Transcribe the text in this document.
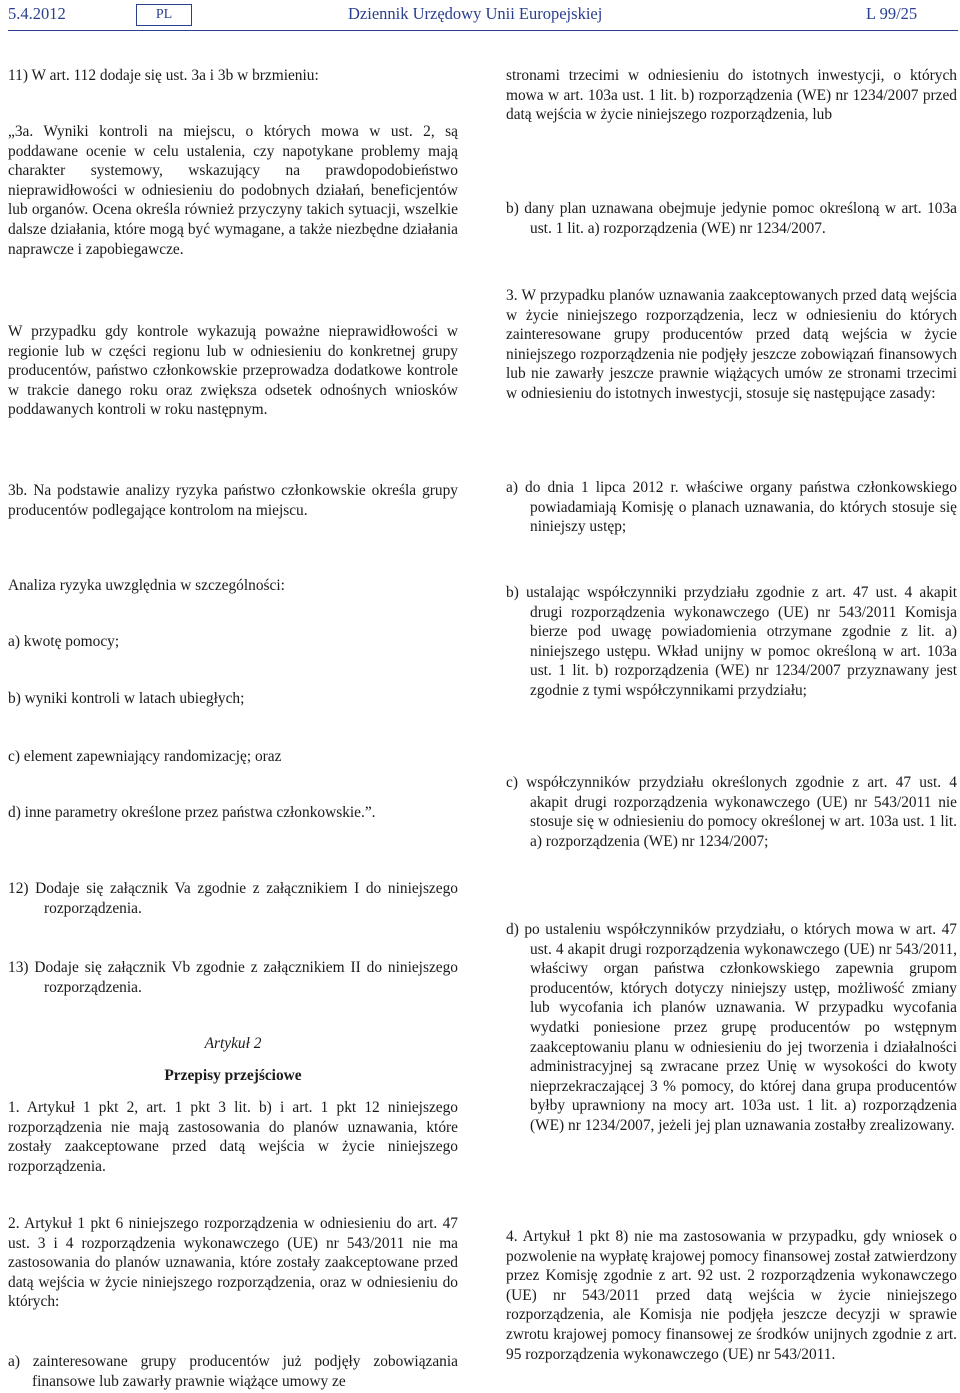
5.4.2012	PL	Dziennik Urzędowy Unii Europejskiej	L 99/25

11) W art. 112 dodaje się ust. 3a i 3b w brzmieniu:

„3a. Wyniki kontroli na miejscu, o których mowa w ust. 2, są poddawane ocenie w celu ustalenia, czy napotykane problemy mają charakter systemowy, wskazujący na prawdopodobieństwo nieprawidłowości w odniesieniu do podobnych działań, beneficjentów lub organów. Ocena określa również przyczyny takich sytuacji, wszelkie dalsze działania, które mogą być wymagane, a także niezbędne działania naprawcze i zapobiegawcze.

W przypadku gdy kontrole wykazują poważne nieprawidłowości w regionie lub w części regionu lub w odniesieniu do konkretnej grupy producentów, państwo członkowskie przeprowadza dodatkowe kontrole w trakcie danego roku oraz zwiększa odsetek odnośnych wniosków poddawanych kontroli w roku następnym.

3b. Na podstawie analizy ryzyka państwo członkowskie określa grupy producentów podlegające kontrolom na miejscu.

Analiza ryzyka uwzględnia w szczególności:

a) kwotę pomocy;

b) wyniki kontroli w latach ubiegłych;

c) element zapewniający randomizację; oraz

d) inne parametry określone przez państwa członkowskie.”.

12) Dodaje się załącznik Va zgodnie z załącznikiem I do niniejszego rozporządzenia.

13) Dodaje się załącznik Vb zgodnie z załącznikiem II do niniejszego rozporządzenia.

Artykuł 2

Przepisy przejściowe

1. Artykuł 1 pkt 2, art. 1 pkt 3 lit. b) i art. 1 pkt 12 niniejszego rozporządzenia nie mają zastosowania do planów uznawania, które zostały zaakceptowane przed datą wejścia w życie niniejszego rozporządzenia.

2. Artykuł 1 pkt 6 niniejszego rozporządzenia w odniesieniu do art. 47 ust. 3 i 4 rozporządzenia wykonawczego (UE) nr 543/2011 nie ma zastosowania do planów uznawania, które zostały zaakceptowane przed datą wejścia w życie niniejszego rozporządzenia, oraz w odniesieniu do których:

a) zainteresowane grupy producentów już podjęły zobowiązania finansowe lub zawarły prawnie wiążące umowy ze

stronami trzecimi w odniesieniu do istotnych inwestycji, o których mowa w art. 103a ust. 1 lit. b) rozporządzenia (WE) nr 1234/2007 przed datą wejścia w życie niniejszego rozporządzenia, lub

b) dany plan uznawana obejmuje jedynie pomoc określoną w art. 103a ust. 1 lit. a) rozporządzenia (WE) nr 1234/2007.

3. W przypadku planów uznawania zaakceptowanych przed datą wejścia w życie niniejszego rozporządzenia, lecz w odniesieniu do których zainteresowane grupy producentów przed datą wejścia w życie niniejszego rozporządzenia nie podjęły jeszcze zobowiązań finansowych lub nie zawarły jeszcze prawnie wiążących umów ze stronami trzecimi w odniesieniu do istotnych inwestycji, stosuje się następujące zasady:

a) do dnia 1 lipca 2012 r. właściwe organy państwa członkowskiego powiadamiają Komisję o planach uznawania, do których stosuje się niniejszy ustęp;

b) ustalając współczynniki przydziału zgodnie z art. 47 ust. 4 akapit drugi rozporządzenia wykonawczego (UE) nr 543/2011 Komisja bierze pod uwagę powiadomienia otrzymane zgodnie z lit. a) niniejszego ustępu. Wkład unijny w pomoc określoną w art. 103a ust. 1 lit. b) rozporządzenia (WE) nr 1234/2007 przyznawany jest zgodnie z tymi współczynnikami przydziału;

c) współczynników przydziału określonych zgodnie z art. 47 ust. 4 akapit drugi rozporządzenia wykonawczego (UE) nr 543/2011 nie stosuje się w odniesieniu do pomocy określonej w art. 103a ust. 1 lit. a) rozporządzenia (WE) nr 1234/2007;

d) po ustaleniu współczynników przydziału, o których mowa w art. 47 ust. 4 akapit drugi rozporządzenia wykonawczego (UE) nr 543/2011, właściwy organ państwa członkowskiego zapewnia grupom producentów, których dotyczy niniejszy ustęp, możliwość zmiany lub wycofania ich planów uznawania. W przypadku wycofania wydatki poniesione przez grupę producentów po wstępnym zaakceptowaniu planu w odniesieniu do jej tworzenia i działalności administracyjnej są zwracane przez Unię w wysokości do kwoty nieprzekraczającej 3 % pomocy, do której dana grupa producentów byłby uprawniony na mocy art. 103a ust. 1 lit. a) rozporządzenia (WE) nr 1234/2007, jeżeli jej plan uznawania zostałby zrealizowany.

4. Artykuł 1 pkt 8) nie ma zastosowania w przypadku, gdy wniosek o pozwolenie na wypłatę krajowej pomocy finansowej został zatwierdzony przez Komisję zgodnie z art. 92 ust. 2 rozporządzenia wykonawczego (UE) nr 543/2011 przed datą wejścia w życie niniejszego rozporządzenia, ale Komisja nie podjęła jeszcze decyzji w sprawie zwrotu krajowej pomocy finansowej ze środków unijnych zgodnie z art. 95 rozporządzenia wykonawczego (UE) nr 543/2011.
